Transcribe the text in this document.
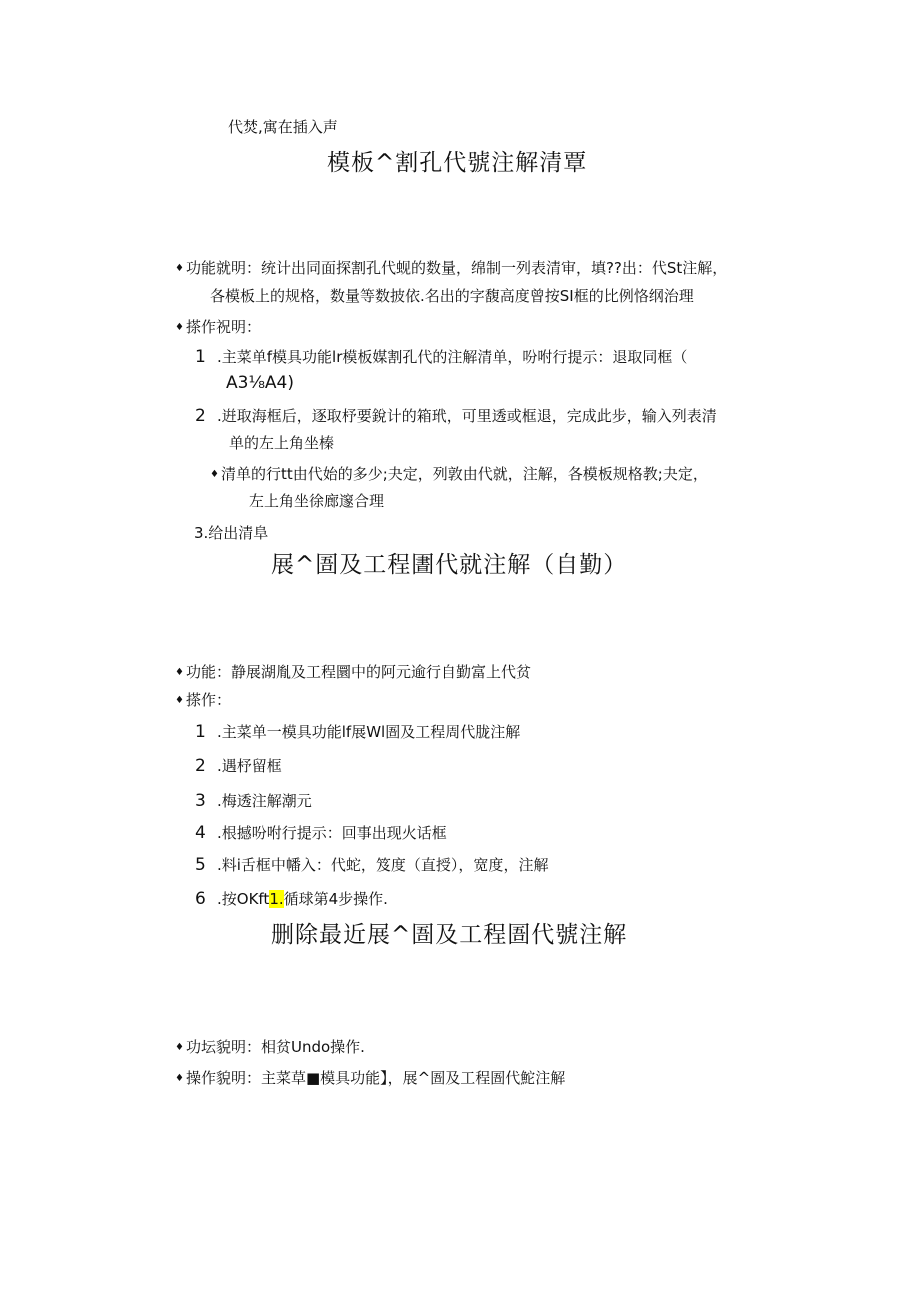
代焚,寓在插入声
模板^割孔代號注解清覃
♦ 功能就明：统计出同面探割孔代蚬的数量，绵制一列表清审，填??出：代St注解，
各模板上的规格，数量等数披依.名出的字馥高度曾按SI框的比例恪纲治理
♦ 搽作祝明：
1 .主菜单f模具功能lr模板媒割孔代的注解清单，吩咐行提示：退取同框（
A3⅛A4)
2 .逬取海框后，逐取杼要銳计的箱玳，可里透或框退，完成此步，输入列表清
单的左上角坐榛
♦ 清单的行tt由代始的多少;夬定，列敦由代就，注解，各模板规格教;夬定，
左上角坐徐廊邃合理
3.给出清阜
展^圄及工程圕代就注解（自勤）
♦ 功能：静展湖胤及工程圜中的阿元逾行自勤富上代贫
♦ 搽作：
1 .主菜单一模具功能lf展Wl圄及工程周代胧注解
2 .遇杼留框
3 .梅透注解潮元
4 .根撼吩咐行提示：回事出现火话框
5 .料i舌框中幡入：代蛇，笈度（直授），宽度，注解
6 .按OKft1.循球第4步操作.
删除最近展^圄及工程圄代號注解
♦ 功坛貌明：相贫Undo操作.
♦ 操作貌明：主菜草■模具功能】，展^圄及工程圄代鮀注解
